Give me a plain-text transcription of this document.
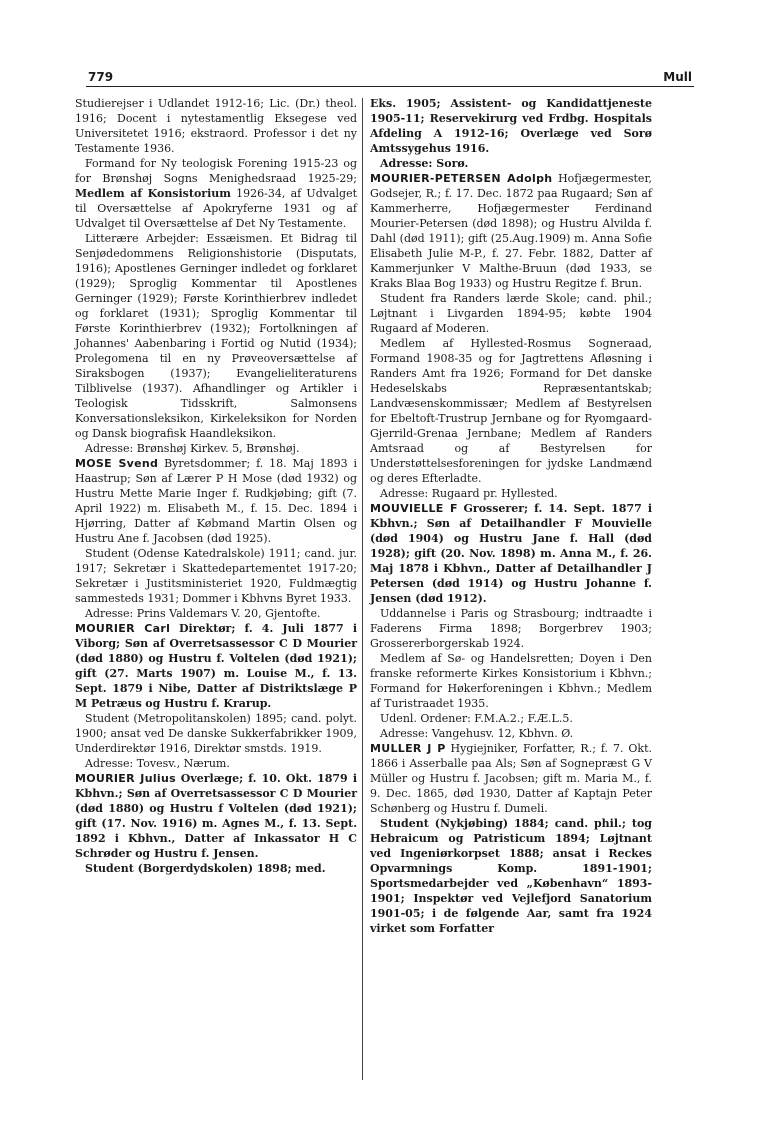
779	Mull

Studierejser i Udlandet 1912-16; Lic. (Dr.) theol. 1916; Docent i nytestamentlig Eksegese ved Universitetet 1916; ekstraord. Professor i det ny Testamente 1936.

Formand for Ny teologisk Forening 1915-23 og for Brønshøj Sogns Menighedsraad 1925-29; Medlem af Konsistorium 1926-34, af Udvalget til Oversættelse af Apokryferne 1931 og af Udvalget til Oversættelse af Det Ny Testamente.

Litterære Arbejder: Essæismen. Et Bidrag til Senjødedommens Religionshistorie (Disputats, 1916); Apostlenes Gerninger indledet og forklaret (1929); Sproglig Kommentar til Apostlenes Gerninger (1929); Første Korinthierbrev indledet og forklaret (1931); Sproglig Kommentar til Første Korinthierbrev (1932); Fortolkningen af Johannes' Aabenbaring i Fortid og Nutid (1934); Prolegomena til en ny Prøveoversættelse af Siraksbogen (1937); Evangelieliteraturens Tilblivelse (1937). Afhandlinger og Artikler i Teologisk Tidsskrift, Salmonsens Konversationsleksikon, Kirkeleksikon for Norden og Dansk biografisk Haandleksikon.

Adresse: Brønshøj Kirkev. 5, Brønshøj.

MOSE Svend Byretsdommer; f. 18. Maj 1893 i Haastrup; Søn af Lærer P H Mose (død 1932) og Hustru Mette Marie Inger f. Rudkjøbing; gift (7. April 1922) m. Elisabeth M., f. 15. Dec. 1894 i Hjørring, Datter af Købmand Martin Olsen og Hustru Ane f. Jacobsen (død 1925).

Student (Odense Katedralskole) 1911; cand. jur. 1917; Sekretær i Skattedepartementet 1917-20; Sekretær i Justitsministeriet 1920, Fuldmægtig sammesteds 1931; Dommer i Kbhvns Byret 1933.

Adresse: Prins Valdemars V. 20, Gjentofte.

MOURIER Carl Direktør; f. 4. Juli 1877 i Viborg; Søn af Overretsassessor C D Mourier (død 1880) og Hustru f. Voltelen (død 1921); gift (27. Marts 1907) m. Louise M., f. 13. Sept. 1879 i Nibe, Datter af Distriktslæge P M Petræus og Hustru f. Krarup.

Student (Metropolitanskolen) 1895; cand. polyt. 1900; ansat ved De danske Sukkerfabrikker 1909, Underdirektør 1916, Direktør smstds. 1919.

Adresse: Tovesv., Nærum.

MOURIER Julius Overlæge; f. 10. Okt. 1879 i Kbhvn.; Søn af Overretsassessor C D Mourier (død 1880) og Hustru f Voltelen (død 1921); gift (17. Nov. 1916) m. Agnes M., f. 13. Sept. 1892 i Kbhvn., Datter af Inkassator H C Schrøder og Hustru f. Jensen.

Student (Borgerdydskolen) 1898; med.

Eks. 1905; Assistent- og Kandidattjeneste 1905-11; Reservekirurg ved Frdbg. Hospitals Afdeling A 1912-16; Overlæge ved Sorø Amtssygehus 1916.

Adresse: Sorø.

MOURIER-PETERSEN Adolph Hofjægermester, Godsejer, R.; f. 17. Dec. 1872 paa Rugaard; Søn af Kammerherre, Hofjægermester Ferdinand Mourier-Petersen (død 1898); og Hustru Alvilda f. Dahl (død 1911); gift (25.Aug.1909) m. Anna Sofie Elisabeth Julie M-P., f. 27. Febr. 1882, Datter af Kammerjunker V Malthe-Bruun (død 1933, se Kraks Blaa Bog 1933) og Hustru Regitze f. Brun.

Student fra Randers lærde Skole; cand. phil.; Løjtnant i Livgarden 1894-95; købte 1904 Rugaard af Moderen.

Medlem af Hyllested-Rosmus Sogneraad, Formand 1908-35 og for Jagtrettens Afløsning i Randers Amt fra 1926; Formand for Det danske Hedeselskabs Repræsentantskab; Landvæsenskommissær; Medlem af Bestyrelsen for Ebeltoft-Trustrup Jernbane og for Ryomgaard-Gjerrild-Grenaa Jernbane; Medlem af Randers Amtsraad og af Bestyrelsen for Understøttelsesforeningen for jydske Landmænd og deres Efterladte.

Adresse: Rugaard pr. Hyllested.

MOUVIELLE F Grosserer; f. 14. Sept. 1877 i Kbhvn.; Søn af Detailhandler F Mouvielle (død 1904) og Hustru Jane f. Hall (død 1928); gift (20. Nov. 1898) m. Anna M., f. 26. Maj 1878 i Kbhvn., Datter af Detailhandler J Petersen (død 1914) og Hustru Johanne f. Jensen (død 1912).

Uddannelse i Paris og Strasbourg; indtraadte i Faderens Firma 1898; Borgerbrev 1903; Grossererborgerskab 1924.

Medlem af Sø- og Handelsretten; Doyen i Den franske reformerte Kirkes Konsistorium i Kbhvn.; Formand for Høkerforeningen i Kbhvn.; Medlem af Turistraadet 1935.

Udenl. Ordener: F.M.A.2.; F.Æ.L.5.

Adresse: Vangehusv. 12, Kbhvn. Ø.

MULLER J P Hygiejniker, Forfatter, R.; f. 7. Okt. 1866 i Asserballe paa Als; Søn af Sognepræst G V Müller og Hustru f. Jacobsen; gift m. Maria M., f. 9. Dec. 1865, død 1930, Datter af Kaptajn Peter Schønberg og Hustru f. Dumeli.

Student (Nykjøbing) 1884; cand. phil.; tog Hebraicum og Patristicum 1894; Løjtnant ved Ingeniørkorpset 1888; ansat i Reckes Opvarmnings Komp. 1891-1901; Sportsmedarbejder ved „København“ 1893-1901; Inspektør ved Vejlefjord Sanatorium 1901-05; i de følgende Aar, samt fra 1924 virket som Forfatter
